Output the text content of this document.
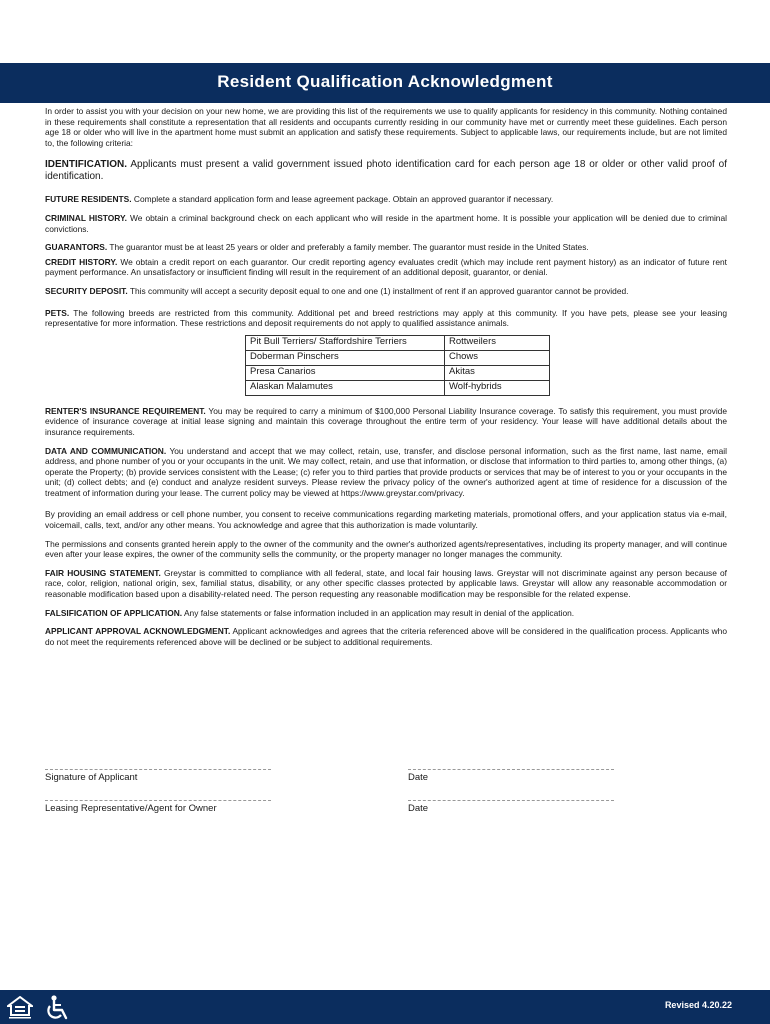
Resident Qualification Acknowledgment

In order to assist you with your decision on your new home, we are providing this list of the requirements we use to qualify applicants for residency in this community. Nothing contained in these requirements shall constitute a representation that all residents and occupants currently residing in our community have met or currently meet these guidelines. Each person age 18 or older who will live in the apartment home must submit an application and satisfy these requirements. Subject to applicable laws, our requirements include, but are not limited to, the following criteria:

IDENTIFICATION. Applicants must present a valid government issued photo identification card for each person age 18 or older or other valid proof of identification.

FUTURE RESIDENTS. Complete a standard application form and lease agreement package. Obtain an approved guarantor if necessary.

CRIMINAL HISTORY. We obtain a criminal background check on each applicant who will reside in the apartment home. It is possible your application will be denied due to criminal convictions.

GUARANTORS. The guarantor must be at least 25 years or older and preferably a family member. The guarantor must reside in the United States.

CREDIT HISTORY. We obtain a credit report on each guarantor. Our credit reporting agency evaluates credit (which may include rent payment history) as an indicator of future rent payment performance. An unsatisfactory or insufficient finding will result in the requirement of an additional deposit, guarantor, or denial.

SECURITY DEPOSIT. This community will accept a security deposit equal to one and one (1) installment of rent if an approved guarantor cannot be provided.

PETS. The following breeds are restricted from this community. Additional pet and breed restrictions may apply at this community. If you have pets, please see your leasing representative for more information. These restrictions and deposit requirements do not apply to qualified assistance animals.

Pit Bull Terriers/ Staffordshire Terriers	Rottweilers
Doberman Pinschers	Chows
Presa Canarios	Akitas
Alaskan Malamutes	Wolf-hybrids

RENTER'S INSURANCE REQUIREMENT. You may be required to carry a minimum of $100,000 Personal Liability Insurance coverage. To satisfy this requirement, you must provide evidence of insurance coverage at initial lease signing and maintain this coverage throughout the entire term of your residency. Your lease will have additional details about the insurance requirements.

DATA AND COMMUNICATION. You understand and accept that we may collect, retain, use, transfer, and disclose personal information, such as the first name, last name, email address, and phone number of you or your occupants in the unit. We may collect, retain, and use that information, or disclose that information to third parties to, among other things, (a) operate the Property; (b) provide services consistent with the Lease; (c) refer you to third parties that provide products or services that may be of interest to you or your occupants in the unit; (d) collect debts; and (e) conduct and analyze resident surveys. Please review the privacy policy of the owner's authorized agent at time of residence for a discussion of the treatment of information during your lease. The current policy may be viewed at https://www.greystar.com/privacy.

By providing an email address or cell phone number, you consent to receive communications regarding marketing materials, promotional offers, and your application status via e-mail, voicemail, calls, text, and/or any other means. You acknowledge and agree that this authorization is made voluntarily.

The permissions and consents granted herein apply to the owner of the community and the owner's authorized agents/representatives, including its property manager, and will continue even after your lease expires, the owner of the community sells the community, or the property manager no longer manages the community.

FAIR HOUSING STATEMENT. Greystar is committed to compliance with all federal, state, and local fair housing laws. Greystar will not discriminate against any person because of race, color, religion, national origin, sex, familial status, disability, or any other specific classes protected by applicable laws. Greystar will allow any reasonable accommodation or reasonable modification based upon a disability-related need. The person requesting any reasonable modification may be responsible for the related expense.

FALSIFICATION OF APPLICATION. Any false statements or false information included in an application may result in denial of the application.

APPLICANT APPROVAL ACKNOWLEDGMENT. Applicant acknowledges and agrees that the criteria referenced above will be considered in the qualification process. Applicants who do not meet the requirements referenced above will be declined or be subject to additional requirements.

Signature of Applicant	Date
Leasing Representative/Agent for Owner	Date
Revised 4.20.22
